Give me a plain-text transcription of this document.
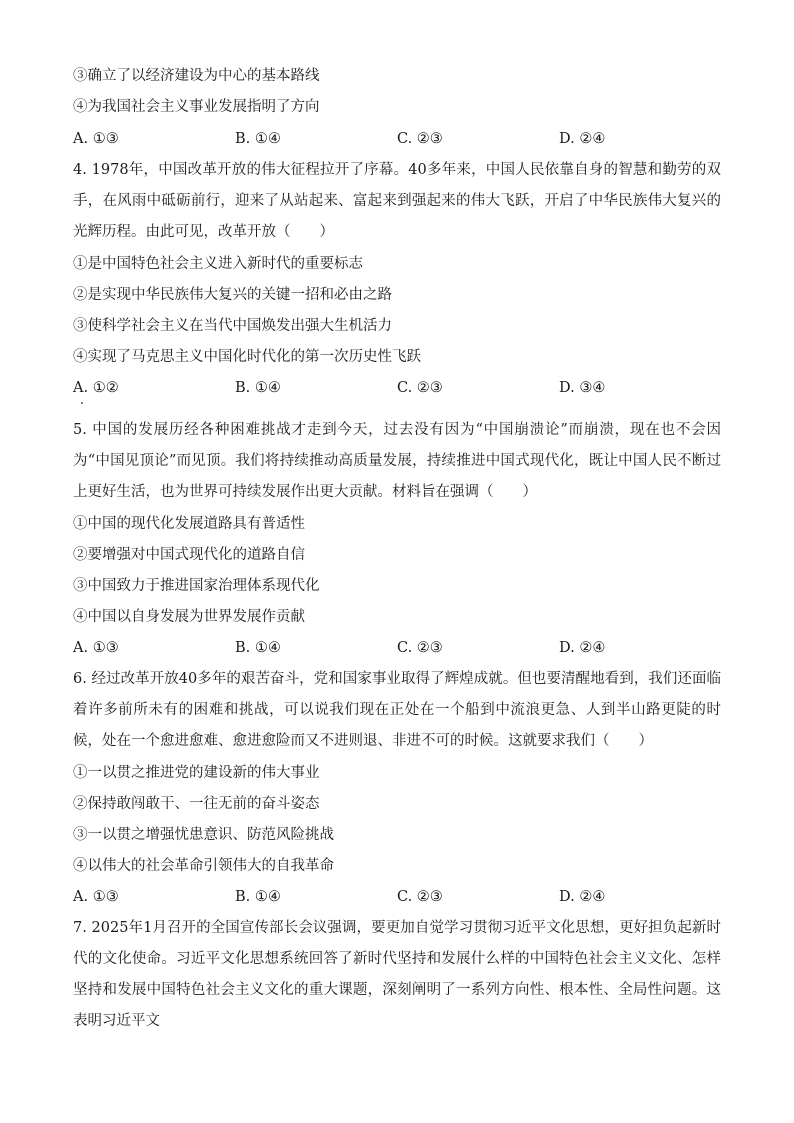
③确立了以经济建设为中心的基本路线
④为我国社会主义事业发展指明了方向
A. ①③	B. ①④	C. ②③	D. ②④
4. 1978年，中国改革开放的伟大征程拉开了序幕。40多年来，中国人民依靠自身的智慧和勤劳的双手，在风雨中砥砺前行，迎来了从站起来、富起来到强起来的伟大飞跃，开启了中华民族伟大复兴的光辉历程。由此可见，改革开放（　　）
①是中国特色社会主义进入新时代的重要标志
②是实现中华民族伟大复兴的关键一招和必由之路
③使科学社会主义在当代中国焕发出强大生机活力
④实现了马克思主义中国化时代化的第一次历史性飞跃
A. ①②	B. ①④	C. ②③	D. ③④
5. 中国的发展历经各种困难挑战才走到今天，过去没有因为“中国崩溃论”而崩溃，现在也不会因为“中国见顶论”而见顶。我们将持续推动高质量发展，持续推进中国式现代化，既让中国人民不断过上更好生活，也为世界可持续发展作出更大贡献。材料旨在强调（　　）
①中国的现代化发展道路具有普适性
②要增强对中国式现代化的道路自信
③中国致力于推进国家治理体系现代化
④中国以自身发展为世界发展作贡献
A. ①③	B. ①④	C. ②③	D. ②④
6. 经过改革开放40多年的艰苦奋斗，党和国家事业取得了辉煌成就。但也要清醒地看到，我们还面临着许多前所未有的困难和挑战，可以说我们现在正处在一个船到中流浪更急、人到半山路更陡的时候，处在一个愈进愈难、愈进愈险而又不进则退、非进不可的时候。这就要求我们（　　）
①一以贯之推进党的建设新的伟大事业
②保持敢闯敢干、一往无前的奋斗姿态
③一以贯之增强忧患意识、防范风险挑战
④以伟大的社会革命引领伟大的自我革命
A. ①③	B. ①④	C. ②③	D. ②④
7. 2025年1月召开的全国宣传部长会议强调，要更加自觉学习贯彻习近平文化思想，更好担负起新时代的文化使命。习近平文化思想系统回答了新时代坚持和发展什么样的中国特色社会主义文化、怎样坚持和发展中国特色社会主义文化的重大课题，深刻阐明了一系列方向性、根本性、全局性问题。这表明习近平文
